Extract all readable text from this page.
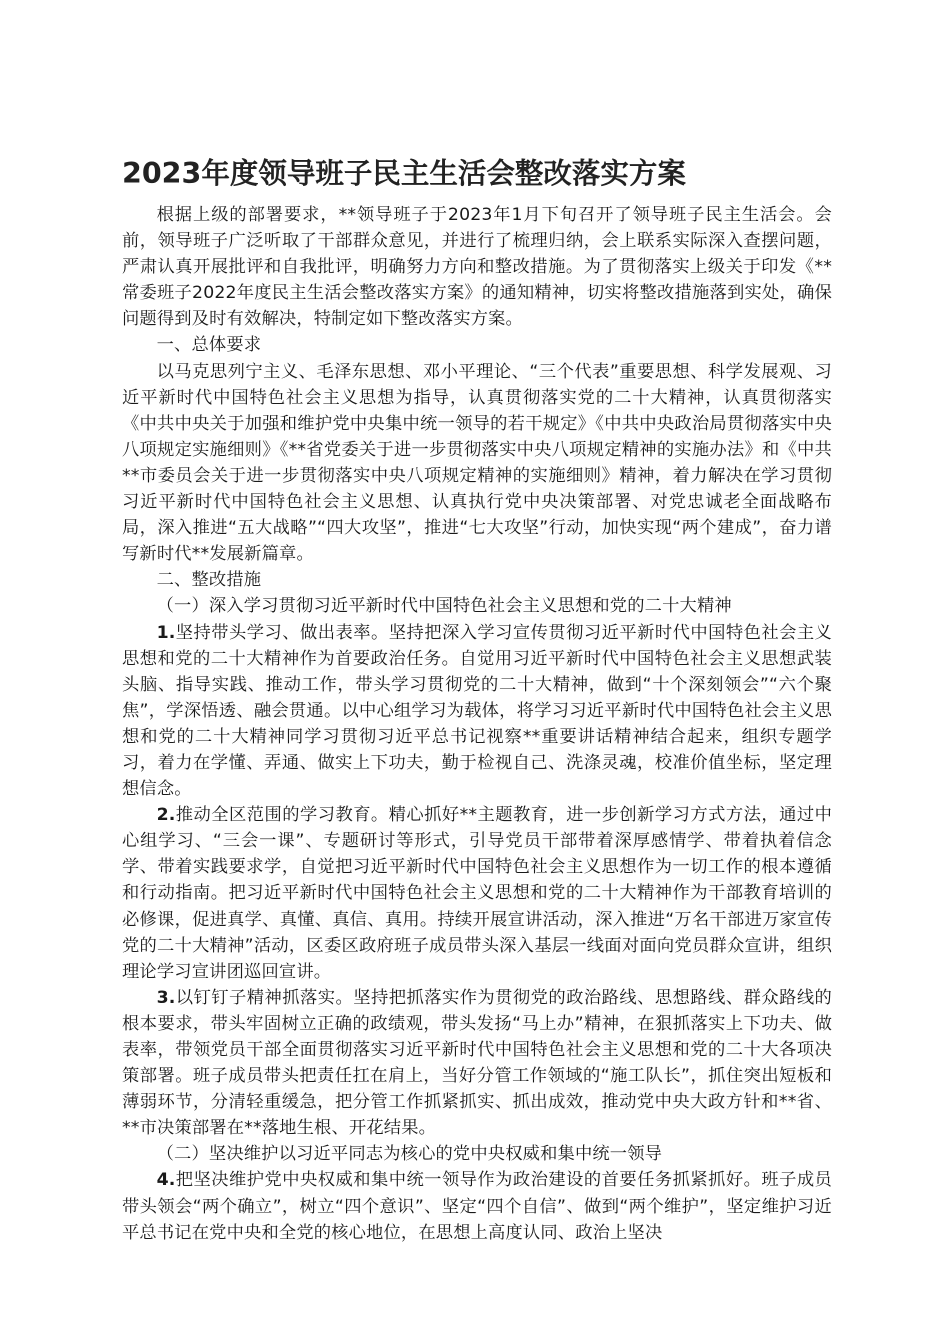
2023年度领导班子民主生活会整改落实方案

根据上级的部署要求，**领导班子于2023年1月下旬召开了领导班子民主生活会。会前，领导班子广泛听取了干部群众意见，并进行了梳理归纳，会上联系实际深入查摆问题，严肃认真开展批评和自我批评，明确努力方向和整改措施。为了贯彻落实上级关于印发《**常委班子2022年度民主生活会整改落实方案》的通知精神，切实将整改措施落到实处，确保问题得到及时有效解决，特制定如下整改落实方案。

一、总体要求

以马克思列宁主义、毛泽东思想、邓小平理论、“三个代表”重要思想、科学发展观、习近平新时代中国特色社会主义思想为指导，认真贯彻落实党的二十大精神，认真贯彻落实《中共中央关于加强和维护党中央集中统一领导的若干规定》《中共中央政治局贯彻落实中央八项规定实施细则》《**省党委关于进一步贯彻落实中央八项规定精神的实施办法》和《中共**市委员会关于进一步贯彻落实中央八项规定精神的实施细则》精神，着力解决在学习贯彻习近平新时代中国特色社会主义思想、认真执行党中央决策部署、对党忠诚老全面战略布局，深入推进“五大战略”“四大攻坚”，推进“七大攻坚”行动，加快实现“两个建成”，奋力谱写新时代**发展新篇章。

二、整改措施

（一）深入学习贯彻习近平新时代中国特色社会主义思想和党的二十大精神

1.坚持带头学习、做出表率。坚持把深入学习宣传贯彻习近平新时代中国特色社会主义思想和党的二十大精神作为首要政治任务。自觉用习近平新时代中国特色社会主义思想武装头脑、指导实践、推动工作，带头学习贯彻党的二十大精神，做到“十个深刻领会”“六个聚焦”，学深悟透、融会贯通。以中心组学习为载体，将学习习近平新时代中国特色社会主义思想和党的二十大精神同学习贯彻习近平总书记视察**重要讲话精神结合起来，组织专题学习，着力在学懂、弄通、做实上下功夫，勤于检视自己、洗涤灵魂，校准价值坐标，坚定理想信念。

2.推动全区范围的学习教育。精心抓好**主题教育，进一步创新学习方式方法，通过中心组学习、“三会一课”、专题研讨等形式，引导党员干部带着深厚感情学、带着执着信念学、带着实践要求学，自觉把习近平新时代中国特色社会主义思想作为一切工作的根本遵循和行动指南。把习近平新时代中国特色社会主义思想和党的二十大精神作为干部教育培训的必修课，促进真学、真懂、真信、真用。持续开展宣讲活动，深入推进“万名干部进万家宣传党的二十大精神”活动，区委区政府班子成员带头深入基层一线面对面向党员群众宣讲，组织理论学习宣讲团巡回宣讲。

3.以钉钉子精神抓落实。坚持把抓落实作为贯彻党的政治路线、思想路线、群众路线的根本要求，带头牢固树立正确的政绩观，带头发扬“马上办”精神，在狠抓落实上下功夫、做表率，带领党员干部全面贯彻落实习近平新时代中国特色社会主义思想和党的二十大各项决策部署。班子成员带头把责任扛在肩上，当好分管工作领域的“施工队长”，抓住突出短板和薄弱环节，分清轻重缓急，把分管工作抓紧抓实、抓出成效，推动党中央大政方针和**省、**市决策部署在**落地生根、开花结果。

（二）坚决维护以习近平同志为核心的党中央权威和集中统一领导

4.把坚决维护党中央权威和集中统一领导作为政治建设的首要任务抓紧抓好。班子成员带头领会“两个确立”，树立“四个意识”、坚定“四个自信”、做到“两个维护”，坚定维护习近平总书记在党中央和全党的核心地位，在思想上高度认同、政治上坚决
